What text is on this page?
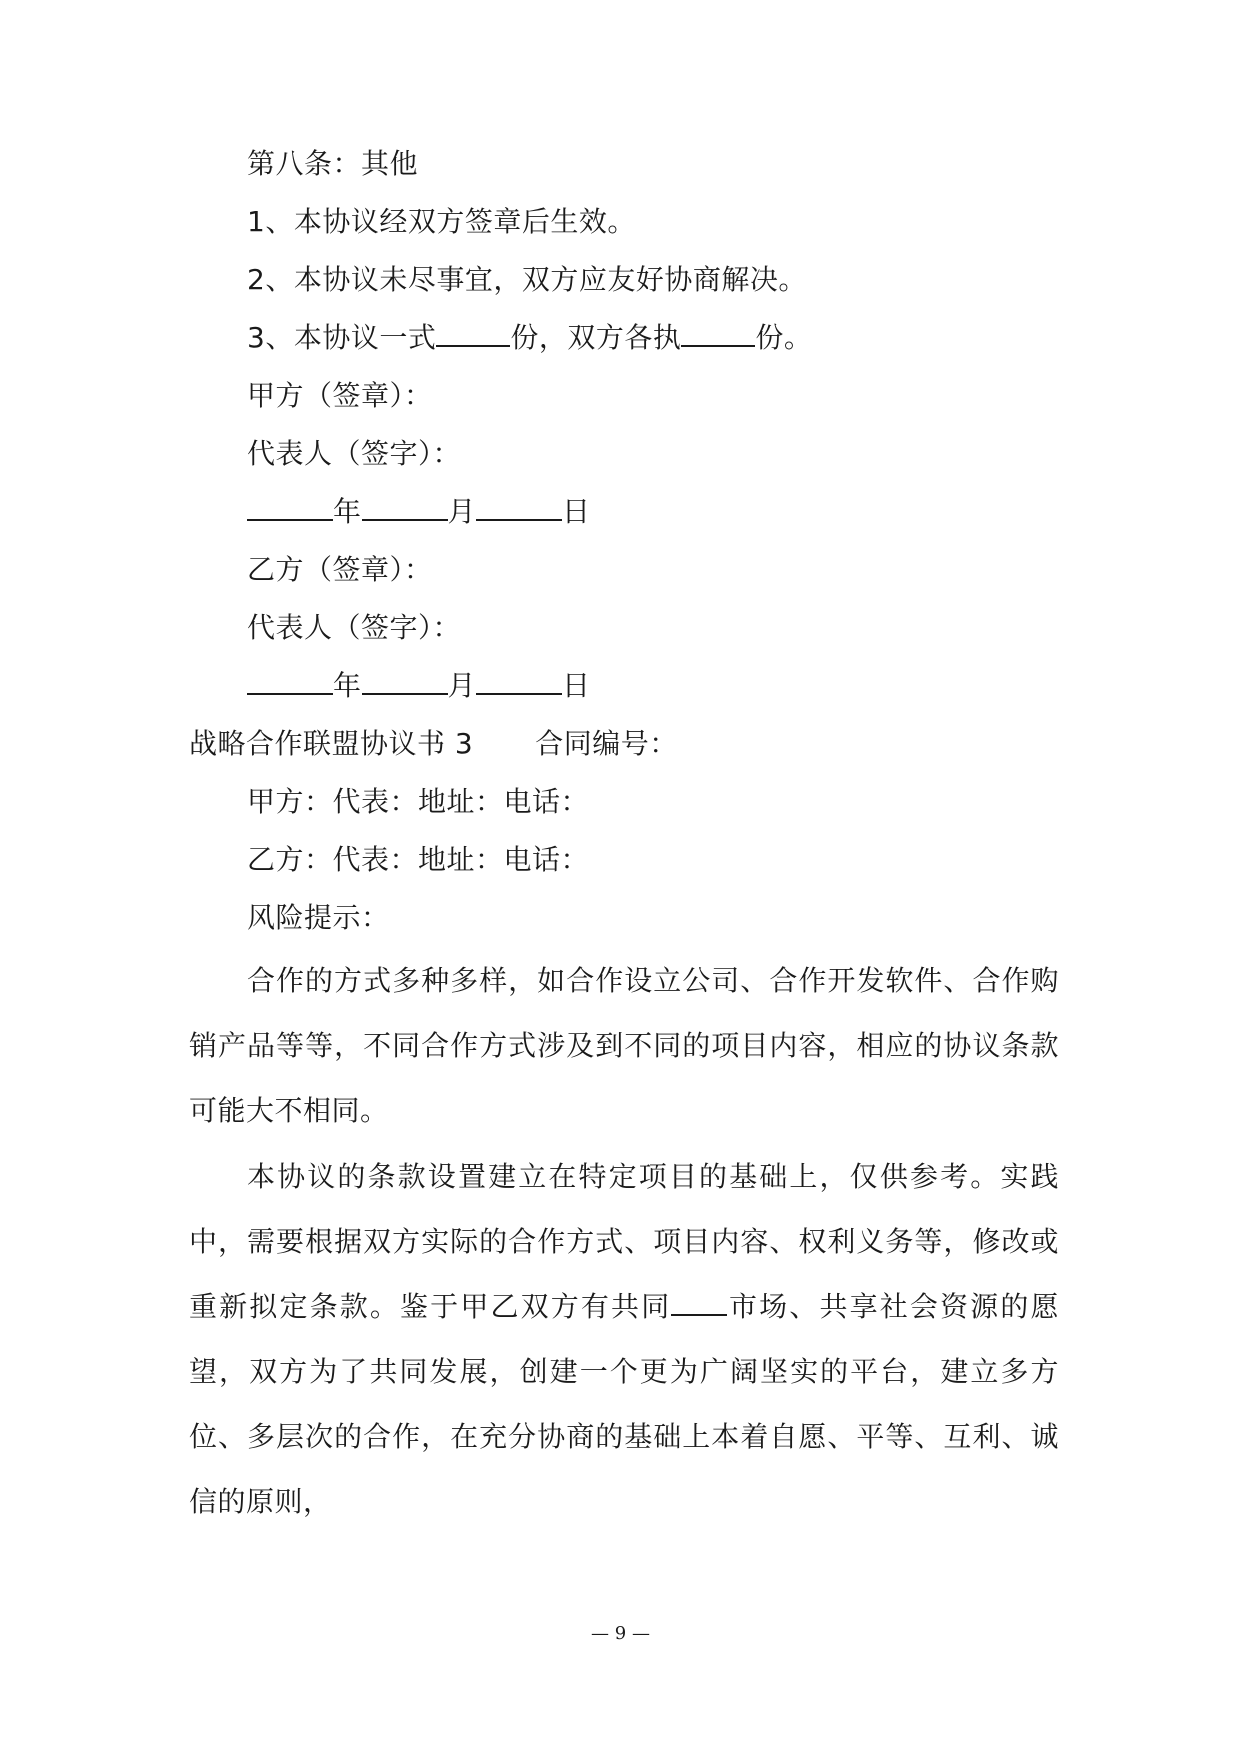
第八条：其他
1、本协议经双方签章后生效。
2、本协议未尽事宜，双方应友好协商解决。
3、本协议一式	份，双方各执	份。
甲方（签章）：
代表人（签字）：
年	月	日
乙方（签章）：
代表人（签字）：
年	月	日
战略合作联盟协议书 3 合同编号：
甲方：代表：地址：电话：
乙方：代表：地址：电话：
风险提示：
合作的方式多种多样，如合作设立公司、合作开发软件、合作购销产品等等，不同合作方式涉及到不同的项目内容，相应的协议条款可能大不相同。
本协议的条款设置建立在特定项目的基础上，仅供参考。实践中，需要根据双方实际的合作方式、项目内容、权利义务等，修改或重新拟定条款。鉴于甲乙双方有共同 市场、共享社会资源的愿望，双方为了共同发展，创建一个更为广阔坚实的平台，建立多方位、多层次的合作，在充分协商的基础上本着自愿、平等、互利、诚信的原则，
— 9 —
